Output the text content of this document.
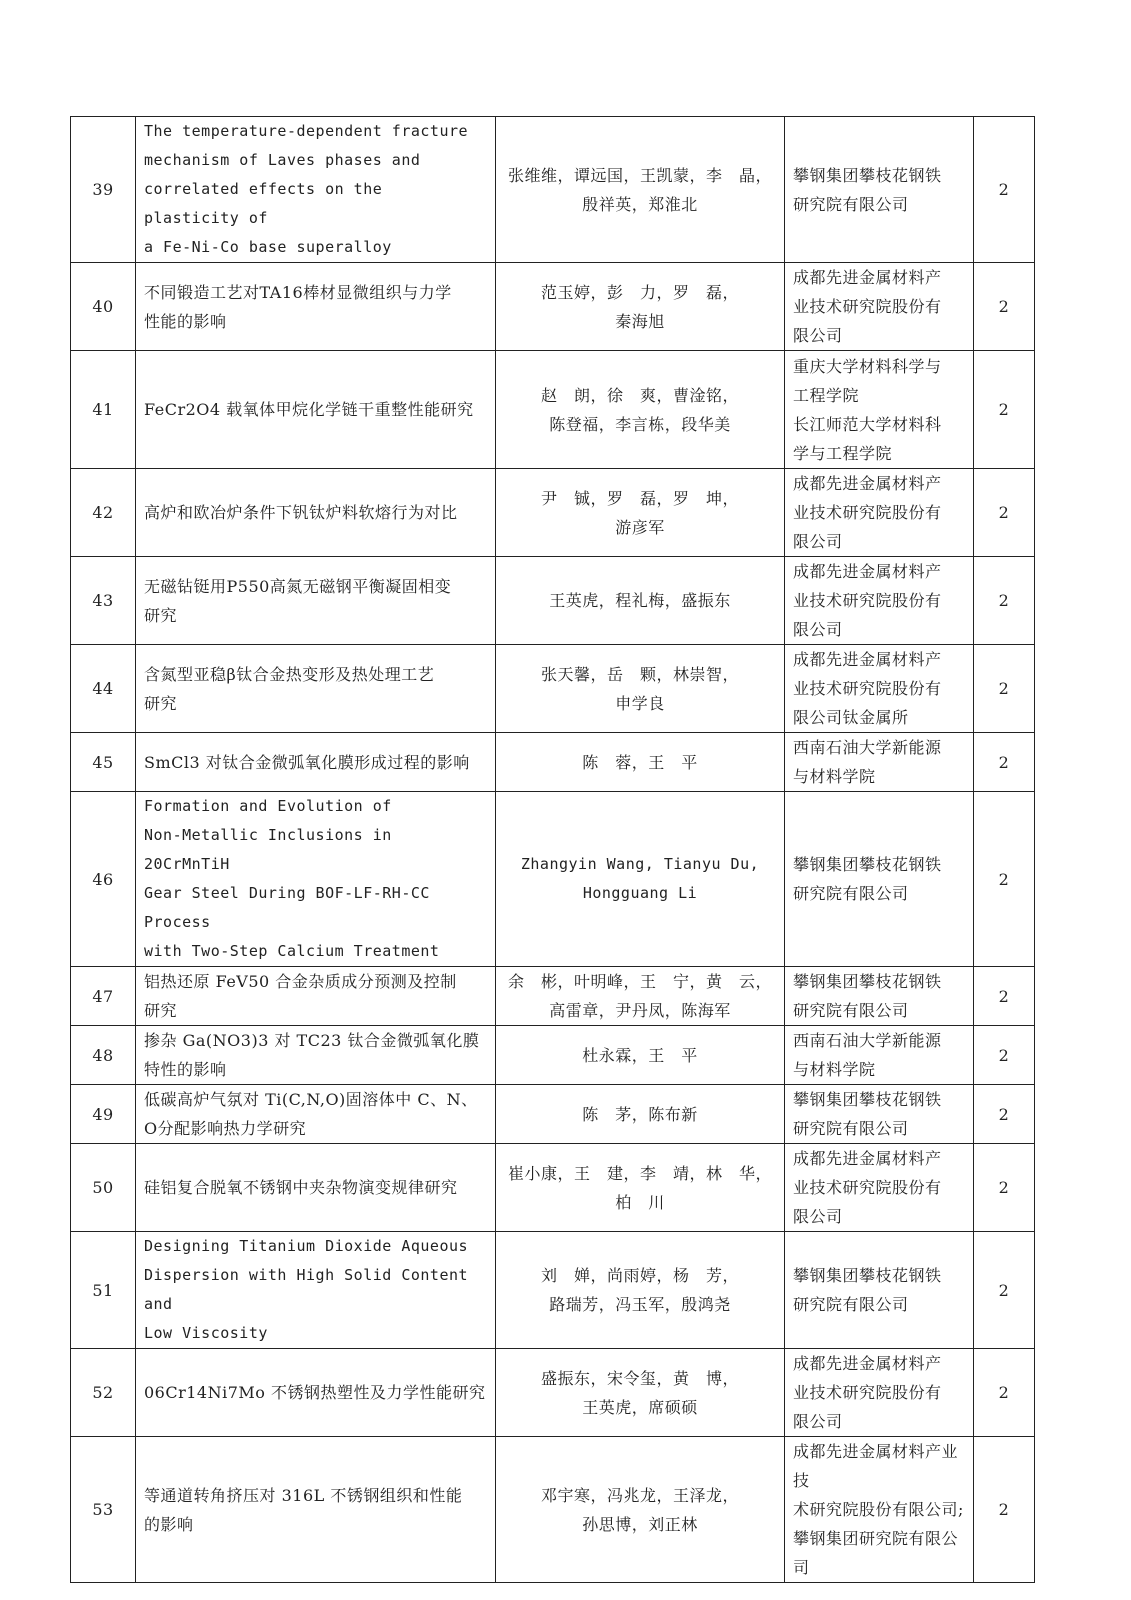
39	The temperature-dependent fracture
mechanism of Laves phases and
correlated effects on the plasticity of
a Fe-Ni-Co base superalloy	张维维，谭远国，王凯蒙，李　晶，
殷祥英，郑淮北	攀钢集团攀枝花钢铁
研究院有限公司	2
40	不同锻造工艺对TA16棒材显微组织与力学
性能的影响	范玉婷，彭　力，罗　磊，
秦海旭	成都先进金属材料产
业技术研究院股份有
限公司	2
41	FeCr2O4 载氧体甲烷化学链干重整性能研究	赵　朗，徐　爽，曹淦铭，
陈登福，李言栋，段华美	重庆大学材料科学与
工程学院
长江师范大学材料科
学与工程学院	2
42	高炉和欧冶炉条件下钒钛炉料软熔行为对比	尹　铖，罗　磊，罗　坤，
游彦军	成都先进金属材料产
业技术研究院股份有
限公司	2
43	无磁钻铤用P550高氮无磁钢平衡凝固相变
研究	王英虎，程礼梅，盛振东	成都先进金属材料产
业技术研究院股份有
限公司	2
44	含氮型亚稳β钛合金热变形及热处理工艺
研究	张天馨，岳　颗，林崇智，
申学良	成都先进金属材料产
业技术研究院股份有
限公司钛金属所	2
45	SmCl3 对钛合金微弧氧化膜形成过程的影响	陈　蓉，王　平	西南石油大学新能源
与材料学院	2
46	Formation and Evolution of
Non-Metallic Inclusions in 20CrMnTiH
Gear Steel During BOF-LF-RH-CC Process
with Two-Step Calcium Treatment	Zhangyin Wang, Tianyu Du,
Hongguang Li	攀钢集团攀枝花钢铁
研究院有限公司	2
47	铝热还原 FeV50 合金杂质成分预测及控制
研究	余　彬，叶明峰，王　宁，黄　云，
高雷章，尹丹凤，陈海军	攀钢集团攀枝花钢铁
研究院有限公司	2
48	掺杂 Ga(NO3)3 对 TC23 钛合金微弧氧化膜
特性的影响	杜永霖，王　平	西南石油大学新能源
与材料学院	2
49	低碳高炉气氛对 Ti(C,N,O)固溶体中 C、N、
O分配影响热力学研究	陈　茅，陈布新	攀钢集团攀枝花钢铁
研究院有限公司	2
50	硅铝复合脱氧不锈钢中夹杂物演变规律研究	崔小康，王　建，李　靖，林　华，
柏　川	成都先进金属材料产
业技术研究院股份有
限公司	2
51	Designing Titanium Dioxide Aqueous
Dispersion with High Solid Content and
Low Viscosity	刘　婵，尚雨婷，杨　芳，
路瑞芳，冯玉军，殷鸿尧	攀钢集团攀枝花钢铁
研究院有限公司	2
52	06Cr14Ni7Mo 不锈钢热塑性及力学性能研究	盛振东，宋令玺，黄　博，
王英虎，席硕硕	成都先进金属材料产
业技术研究院股份有
限公司	2
53	等通道转角挤压对 316L 不锈钢组织和性能
的影响	邓宇寒，冯兆龙，王泽龙，
孙思博，刘正林	成都先进金属材料产业技
术研究院股份有限公司;
攀钢集团研究院有限公司	2
